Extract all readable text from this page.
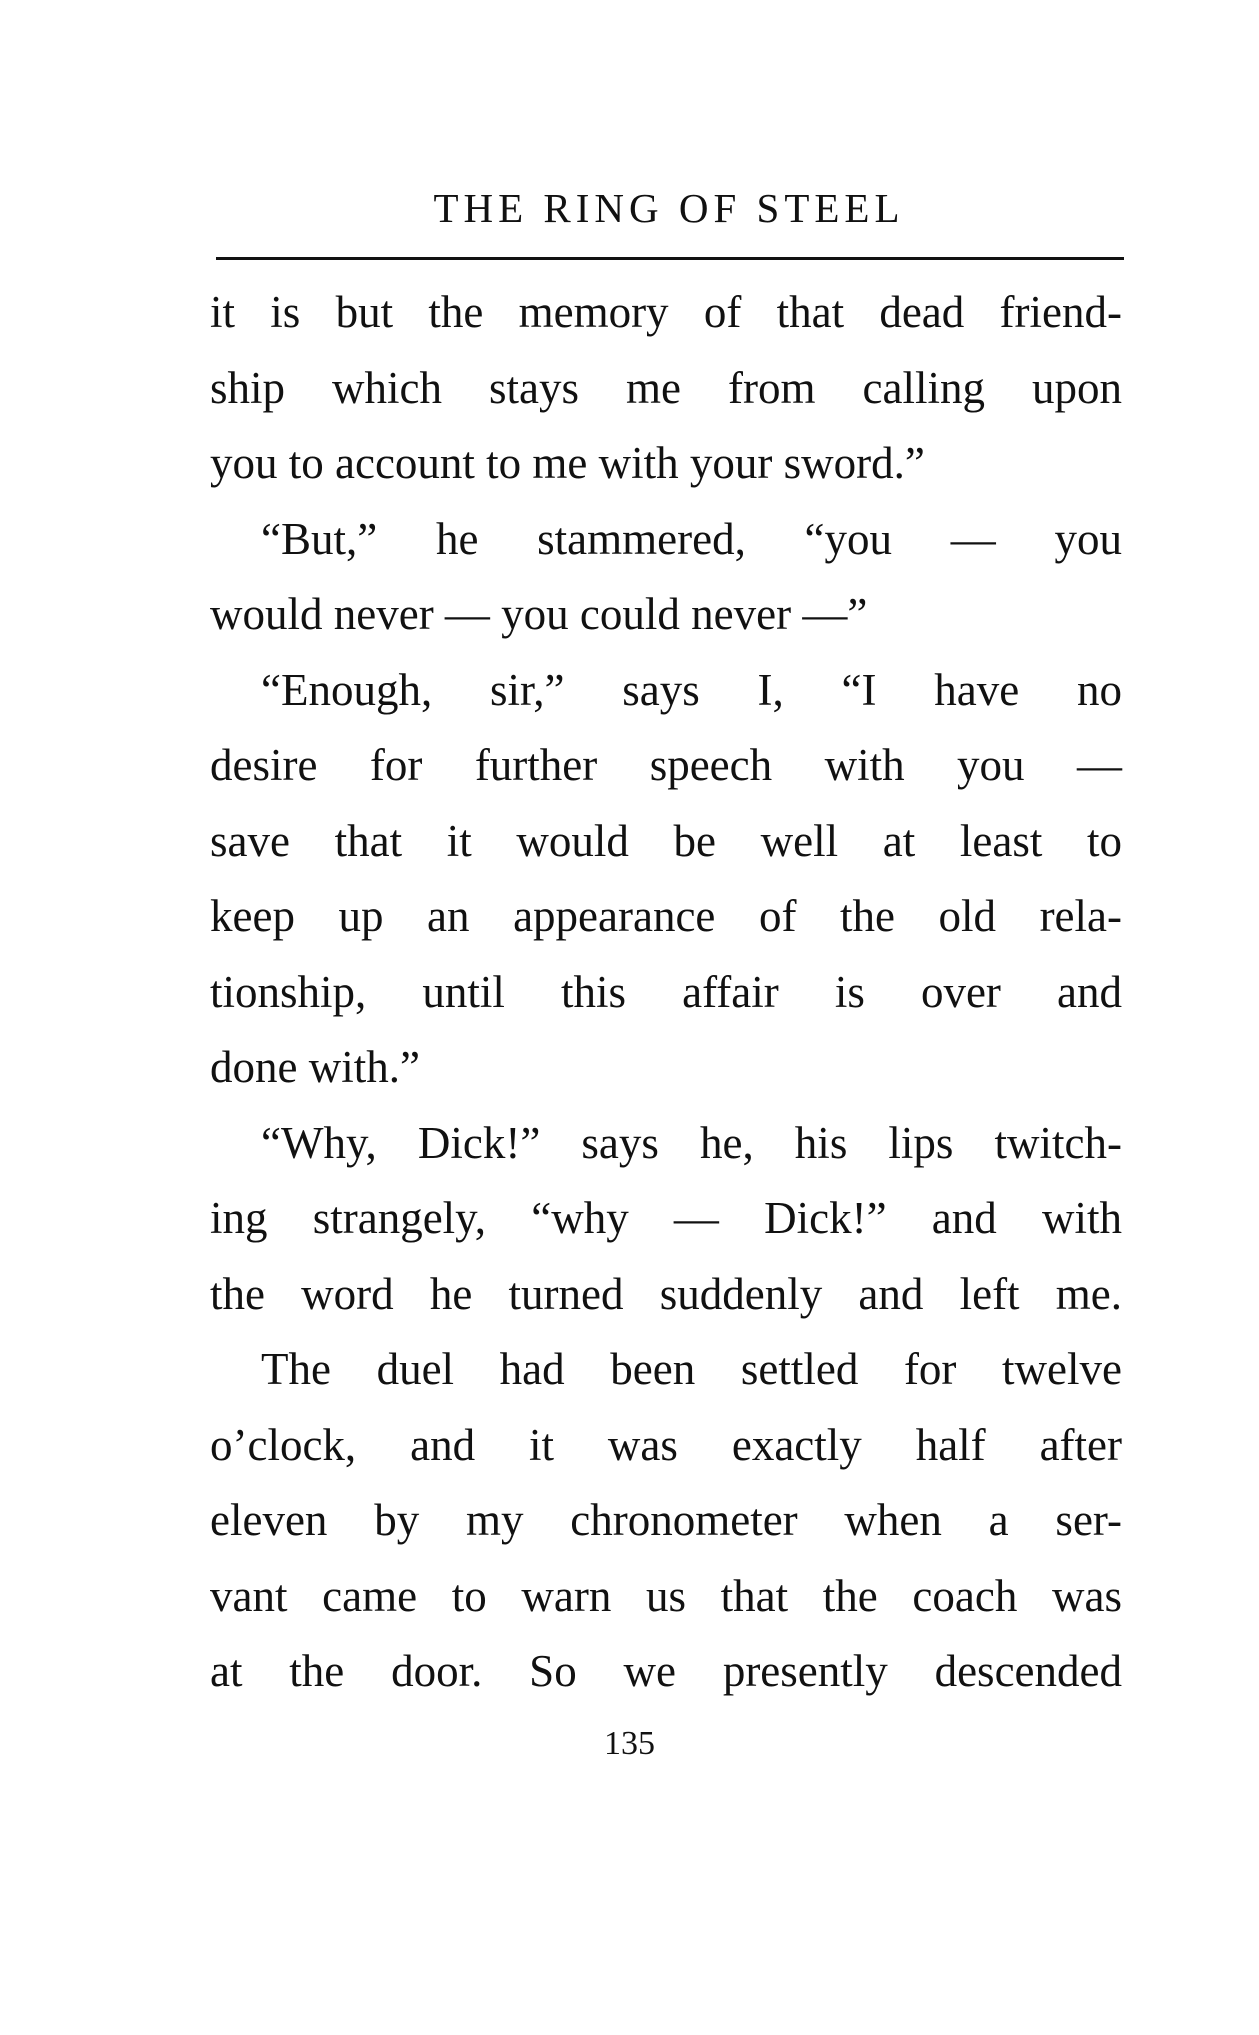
THE RING OF STEEL
it is but the memory of that dead friend-
ship which stays me from calling upon
you to account to me with your sword.”
“But,” he stammered, “you — you
would never — you could never —”
“Enough, sir,” says I, “I have no
desire for further speech with you —
save that it would be well at least to
keep up an appearance of the old rela-
tionship, until this affair is over and
done with.”
“Why, Dick!” says he, his lips twitch-
ing strangely, “why — Dick!” and with
the word he turned suddenly and left me.
The duel had been settled for twelve
o’clock, and it was exactly half after
eleven by my chronometer when a ser-
vant came to warn us that the coach was
at the door. So we presently descended
135
